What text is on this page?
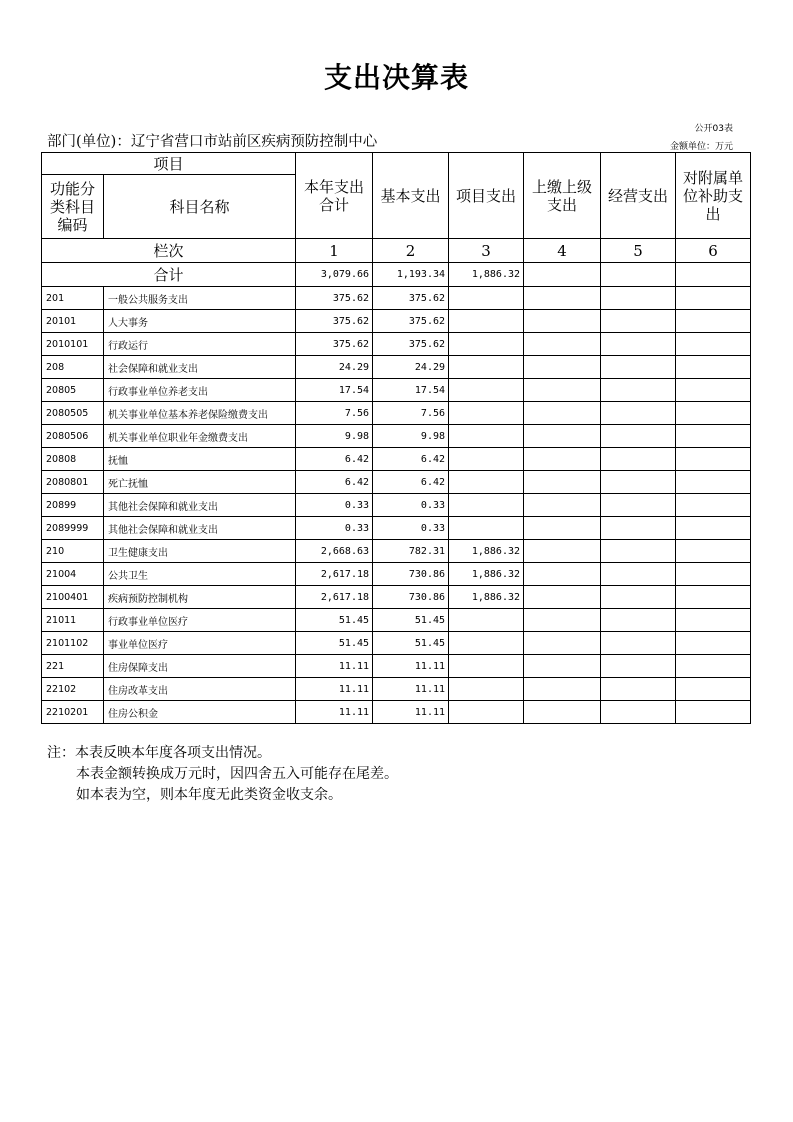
支出决算表
公开03表
部门(单位)：辽宁省营口市站前区疾病预防控制中心	金额单位：万元
项目		本年支出合计	基本支出	项目支出	上缴上级支出	经营支出	对附属单位补助支出
功能分类科目编码	科目名称						
栏次		1	2	3	4	5	6
合计		3,079.66	1,193.34	1,886.32			
201	一般公共服务支出	375.62	375.62				
20101	人大事务	375.62	375.62				
2010101	行政运行	375.62	375.62				
208	社会保障和就业支出	24.29	24.29				
20805	行政事业单位养老支出	17.54	17.54				
2080505	机关事业单位基本养老保险缴费支出	7.56	7.56				
2080506	机关事业单位职业年金缴费支出	9.98	9.98				
20808	抚恤	6.42	6.42				
2080801	死亡抚恤	6.42	6.42				
20899	其他社会保障和就业支出	0.33	0.33				
2089999	其他社会保障和就业支出	0.33	0.33				
210	卫生健康支出	2,668.63	782.31	1,886.32			
21004	公共卫生	2,617.18	730.86	1,886.32			
2100401	疾病预防控制机构	2,617.18	730.86	1,886.32			
21011	行政事业单位医疗	51.45	51.45				
2101102	事业单位医疗	51.45	51.45				
221	住房保障支出	11.11	11.11				
22102	住房改革支出	11.11	11.11				
2210201	住房公积金	11.11	11.11				
注：本表反映本年度各项支出情况。
本表金额转换成万元时，因四舍五入可能存在尾差。
如本表为空，则本年度无此类资金收支余。
